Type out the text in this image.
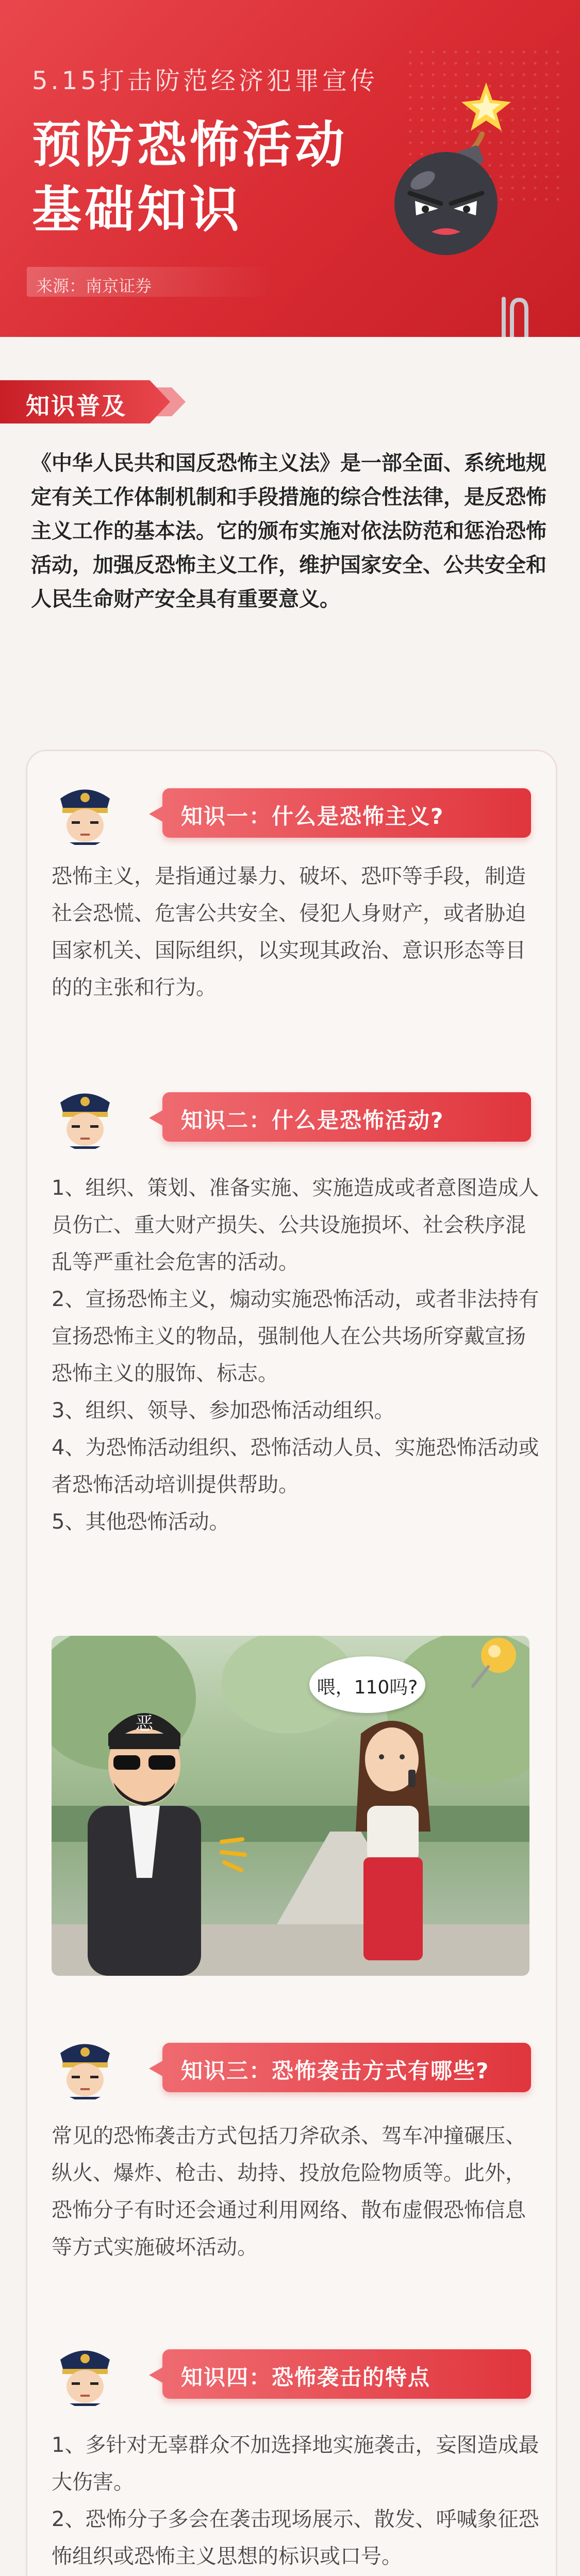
5.15打击防范经济犯罪宣传
预防恐怖活动
基础知识
来源：南京证券
知识普及
《中华人民共和国反恐怖主义法》是一部全面、系统地规定有关工作体制机制和手段措施的综合性法律，是反恐怖主义工作的基本法。它的颁布实施对依法防范和惩治恐怖活动，加强反恐怖主义工作，维护国家安全、公共安全和人民生命财产安全具有重要意义。
知识一：什么是恐怖主义?

恐怖主义，是指通过暴力、破坏、恐吓等手段，制造社会恐慌、危害公共安全、侵犯人身财产，或者胁迫国家机关、国际组织，以实现其政治、意识形态等目的的主张和行为。

知识二：什么是恐怖活动?

1、组织、策划、准备实施、实施造成或者意图造成人员伤亡、重大财产损失、公共设施损坏、社会秩序混乱等严重社会危害的活动。

2、宣扬恐怖主义，煽动实施恐怖活动，或者非法持有宣扬恐怖主义的物品，强制他人在公共场所穿戴宣扬恐怖主义的服饰、标志。

3、组织、领导、参加恐怖活动组织。

4、为恐怖活动组织、恐怖活动人员、实施恐怖活动或者恐怖活动培训提供帮助。

5、其他恐怖活动。

恶
喂，110吗?
知识三：恐怖袭击方式有哪些?

常见的恐怖袭击方式包括刀斧砍杀、驾车冲撞碾压、纵火、爆炸、枪击、劫持、投放危险物质等。此外，恐怖分子有时还会通过利用网络、散布虚假恐怖信息等方式实施破坏活动。

知识四：恐怖袭击的特点

1、多针对无辜群众不加选择地实施袭击，妄图造成最大伤害。

2、恐怖分子多会在袭击现场展示、散发、呼喊象征恐怖组织或恐怖主义思想的标识或口号。
